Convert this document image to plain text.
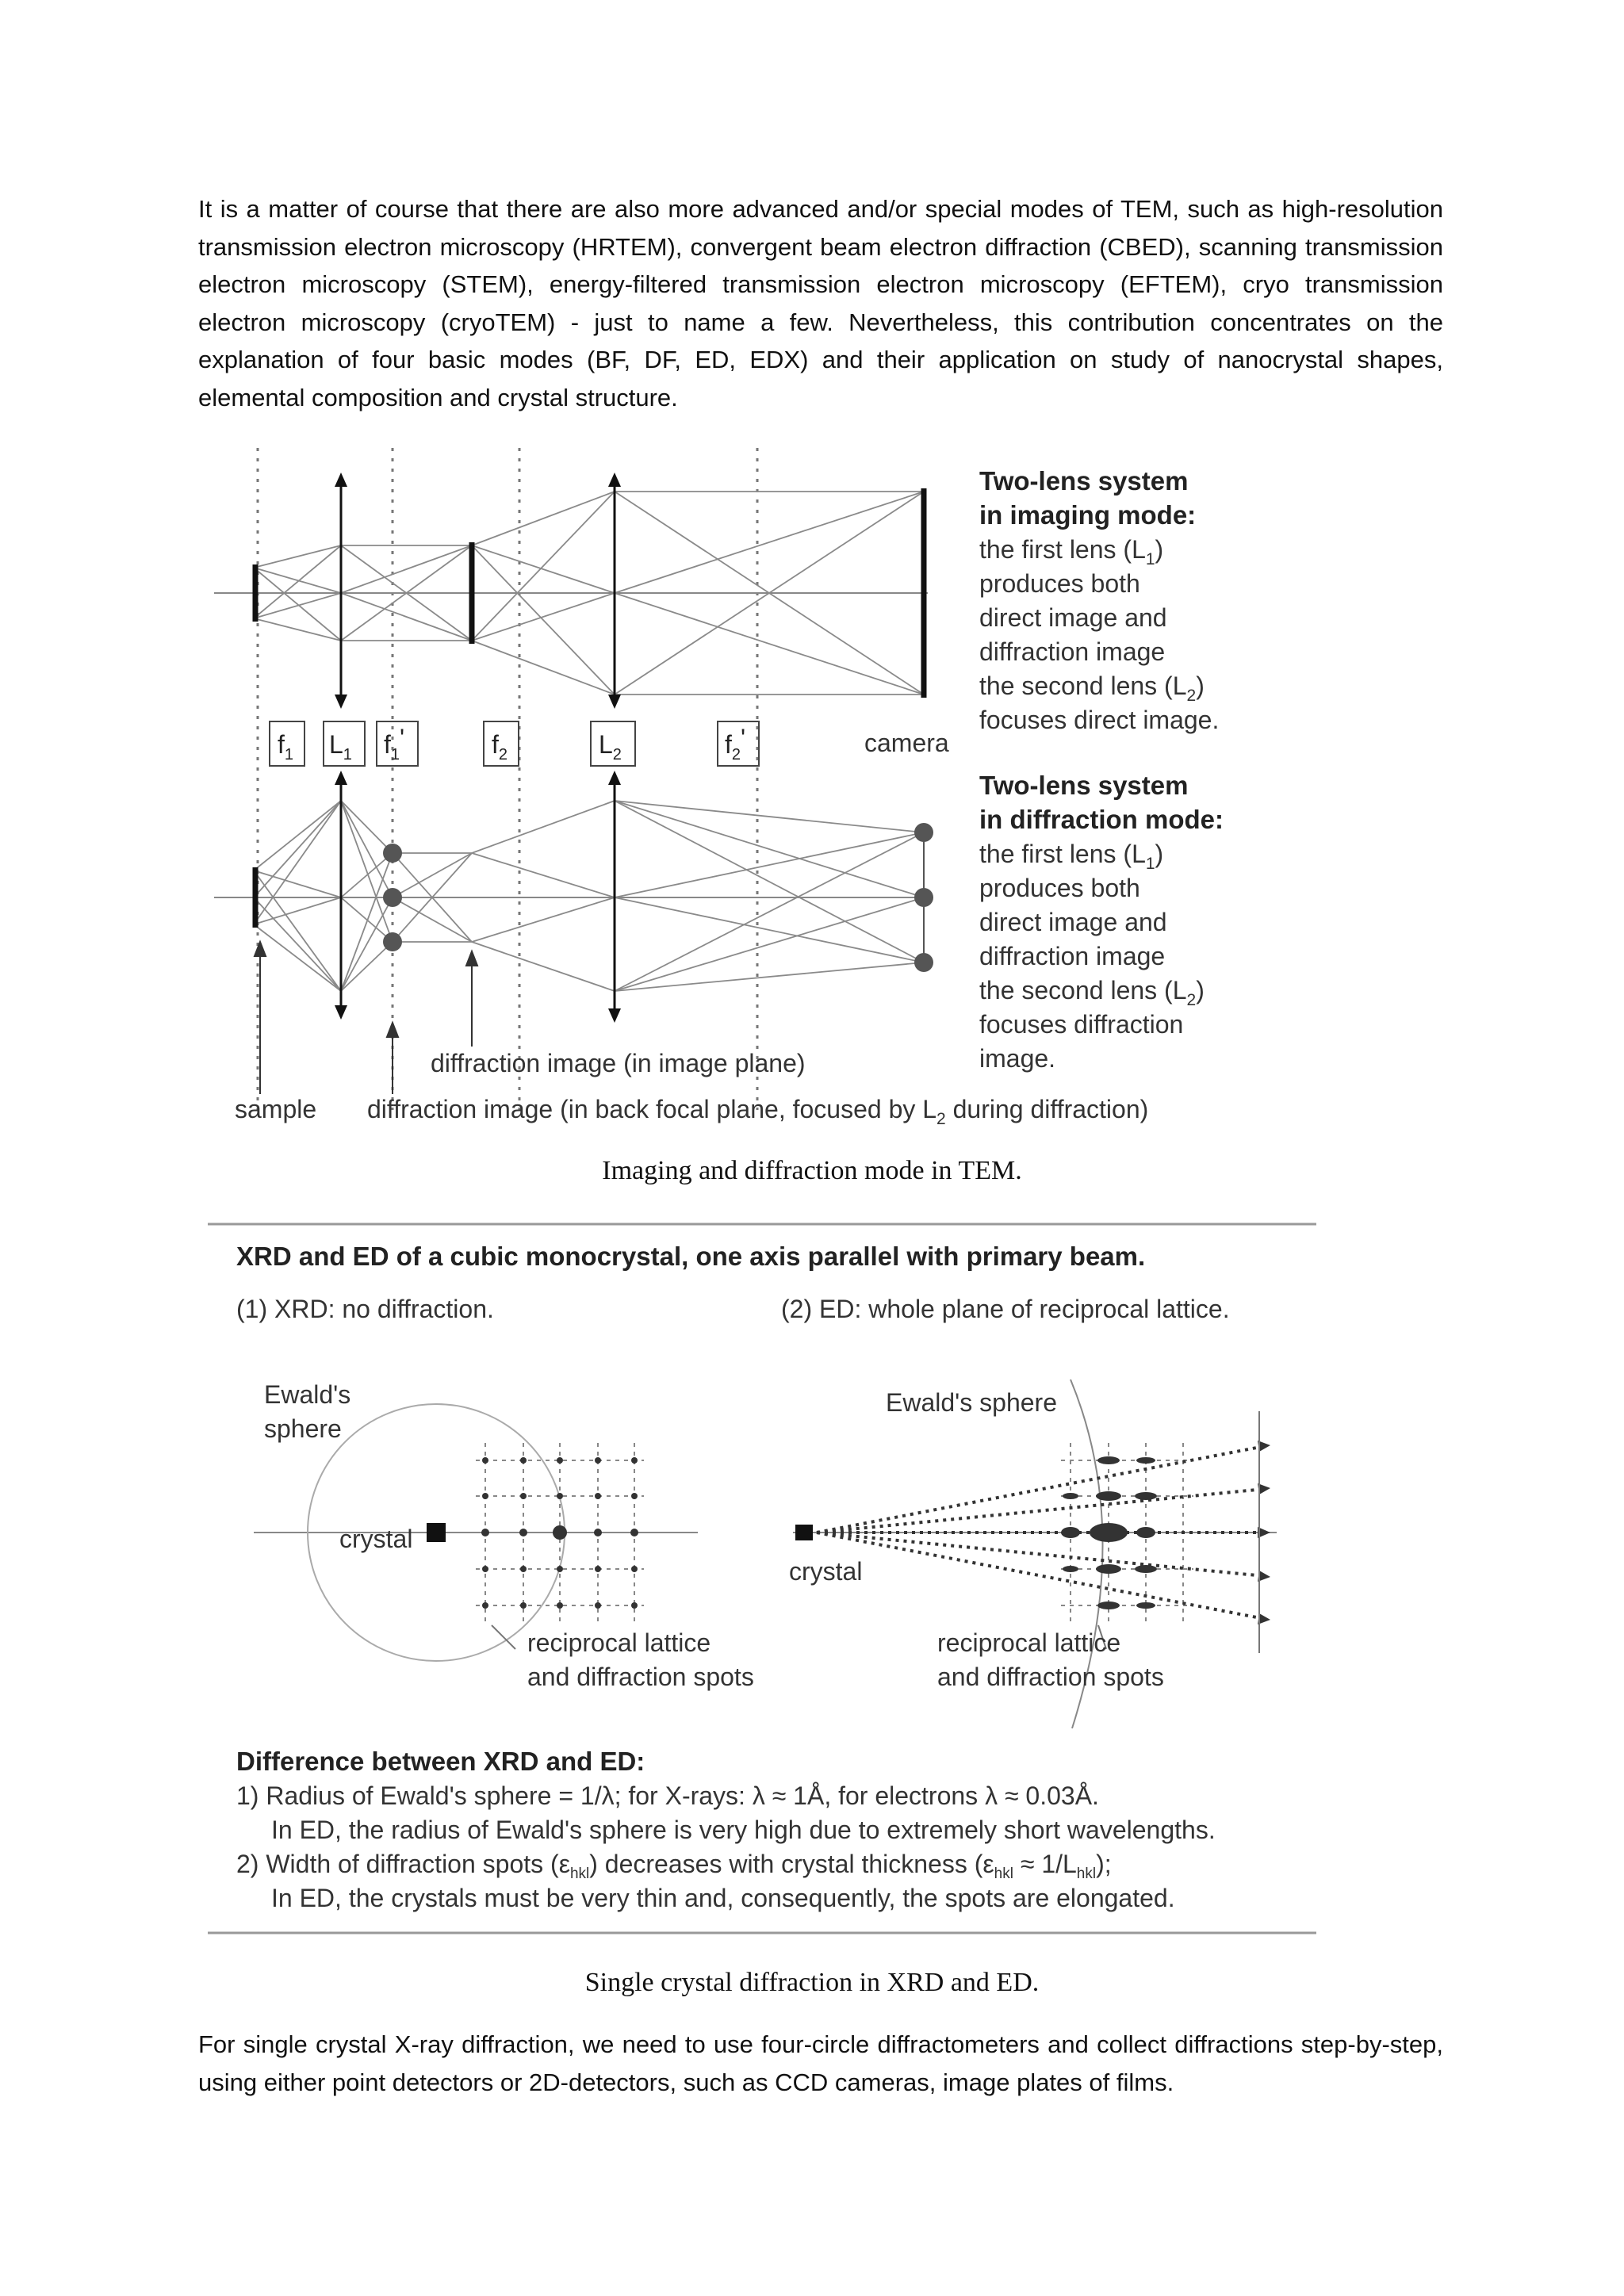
It is a matter of course that there are also more advanced and/or special modes of TEM, such as high-resolution transmission electron microscopy (HRTEM), convergent beam electron diffraction (CBED), scanning transmission electron microscopy (STEM), energy-filtered transmission electron microscopy (EFTEM), cryo transmission electron microscopy (cryoTEM) - just to name a few. Nevertheless, this contribution concentrates on the explanation of four basic modes (BF, DF, ED, EDX) and their application on study of nanocrystal shapes, elemental composition and crystal structure.

$f_1$ $L_1$ $f_1'$	$f_2$	$L_2$	$f_2'$	camera
Two-lens system
in imaging mode:
the first lens $(L_1)$
produces both
direct image and
diffraction image
the second lens $(L_2)$
focuses direct image.
Two-lens system
in diffraction mode:
the first lens $(L_1)$
produces both
direct image and
diffraction image
the second lens $(L_2)$
focuses diffraction
image.
diffraction image (in image plane)
sample diffraction image (in back focal plane, focused by $L_2$ during diffraction)

Imaging and diffraction mode in TEM.

XRD and ED of a cubic monocrystal, one axis parallel with primary beam.
(1) XRD: no diffraction.	(2) ED: whole plane of reciprocal lattice.
Ewald's
sphere
crystal
reciprocal lattice
and diffraction spots
Ewald's sphere
crystal
reciprocal lattice
and diffraction spots
Difference between XRD and ED:
1) Radius of Ewald's sphere = 1/λ; for X-rays: λ ≈ 1Å, for electrons λ ≈ 0.03Å.
In ED, the radius of Ewald's sphere is very high due to extremely short wavelengths.
2) Width of diffraction spots $(\varepsilon_{hkl})$ decreases with crystal thickness $(\varepsilon_{hkl} \approx 1/L_{hkl})$;
In ED, the crystals must be very thin and, consequently, the spots are elongated.

Single crystal diffraction in XRD and ED.

For single crystal X-ray diffraction, we need to use four-circle diffractometers and collect diffractions step-by-step, using either point detectors or 2D-detectors, such as CCD cameras, image plates of films.
